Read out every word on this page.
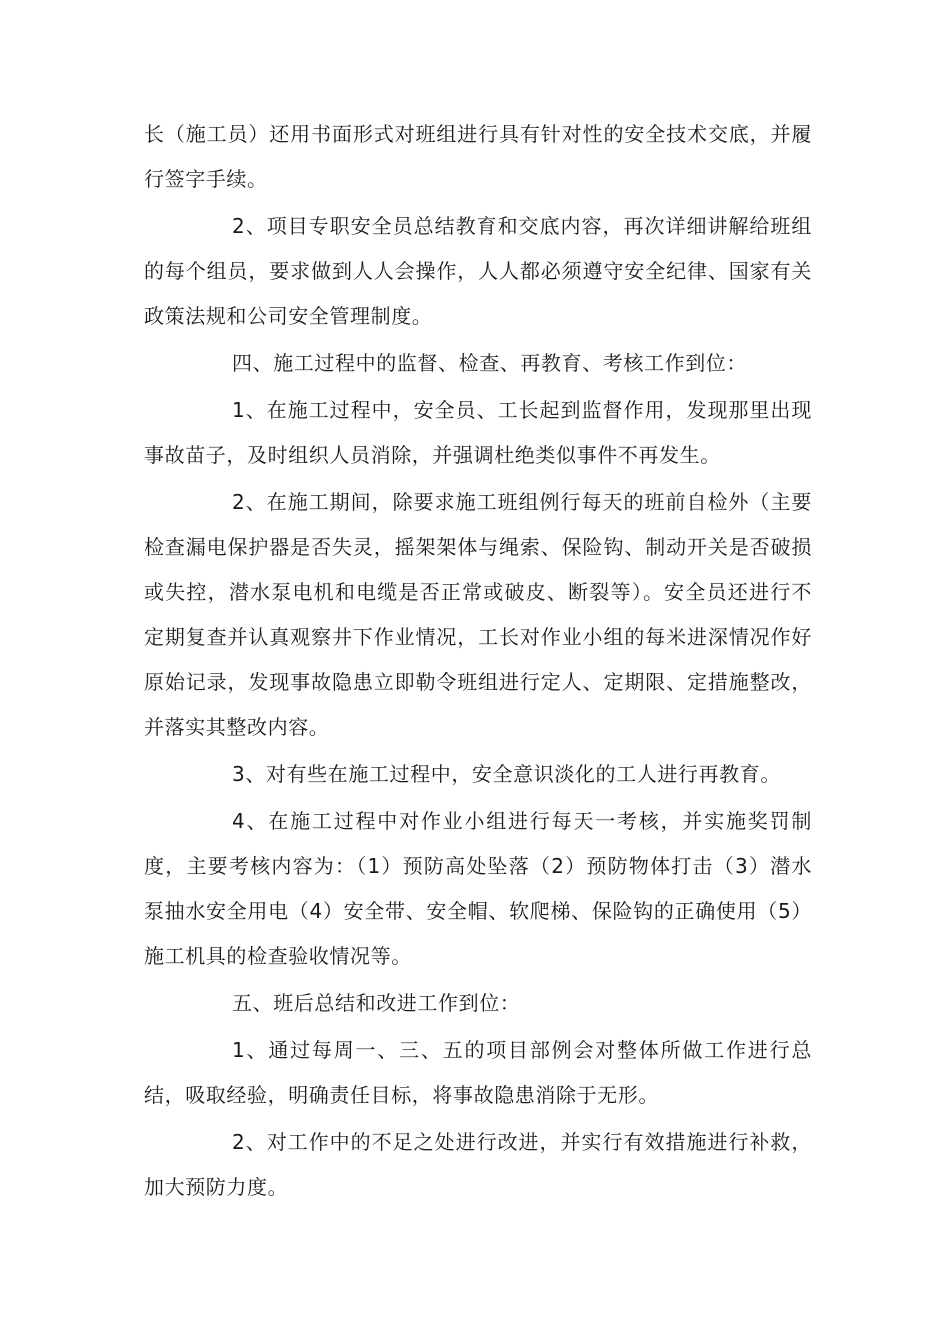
长（施工员）还用书面形式对班组进行具有针对性的安全技术交底，并履行签字手续。

2、项目专职安全员总结教育和交底内容，再次详细讲解给班组的每个组员，要求做到人人会操作，人人都必须遵守安全纪律、国家有关政策法规和公司安全管理制度。

四、施工过程中的监督、检查、再教育、考核工作到位：

1、在施工过程中，安全员、工长起到监督作用，发现那里出现事故苗子，及时组织人员消除，并强调杜绝类似事件不再发生。

2、在施工期间，除要求施工班组例行每天的班前自检外（主要检查漏电保护器是否失灵，摇架架体与绳索、保险钩、制动开关是否破损或失控，潜水泵电机和电缆是否正常或破皮、断裂等）。安全员还进行不定期复查并认真观察井下作业情况，工长对作业小组的每米进深情况作好原始记录，发现事故隐患立即勒令班组进行定人、定期限、定措施整改，并落实其整改内容。

3、对有些在施工过程中，安全意识淡化的工人进行再教育。

4、在施工过程中对作业小组进行每天一考核，并实施奖罚制度，主要考核内容为：（1）预防高处坠落（2）预防物体打击（3）潜水泵抽水安全用电（4）安全带、安全帽、软爬梯、保险钩的正确使用（5）施工机具的检查验收情况等。

五、班后总结和改进工作到位：

1、通过每周一、三、五的项目部例会对整体所做工作进行总结，吸取经验，明确责任目标，将事故隐患消除于无形。

2、对工作中的不足之处进行改进，并实行有效措施进行补救，加大预防力度。
